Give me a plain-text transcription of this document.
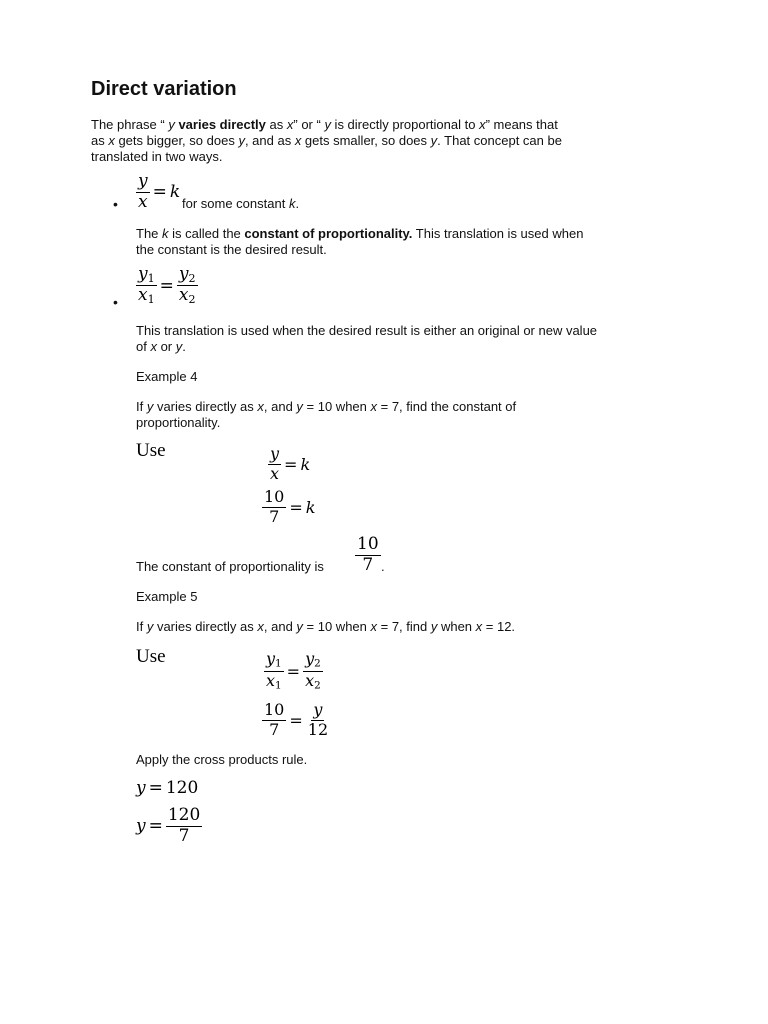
Direct variation
The phrase “ y varies directly as x” or “ y is directly proportional to x” means that
as x gets bigger, so does y, and as x gets smaller, so does y. That concept can be
translated in two ways.
• $\frac{y}{x} = k$
for some constant k.
The k is called the constant of proportionality. This translation is used when
the constant is the desired result.
• $\frac{y_1}{x_1} = \frac{y_2}{x_2}$
This translation is used when the desired result is either an original or new value
of x or y.
Example 4
If y varies directly as x, and y = 10 when x = 7, find the constant of
proportionality.
Use	$\frac{y}{x} = k$
$\frac{10}{7} = k$
The constant of proportionality is $\frac{10}{7}$ .
Example 5
If y varies directly as x, and y = 10 when x = 7, find y when x = 12.
Use	$\frac{y_1}{x_1} = \frac{y_2}{x_2}$
$\frac{10}{7} = \frac{y}{12}$
Apply the cross products rule.
y = 120
$y = \frac{120}{7}$
